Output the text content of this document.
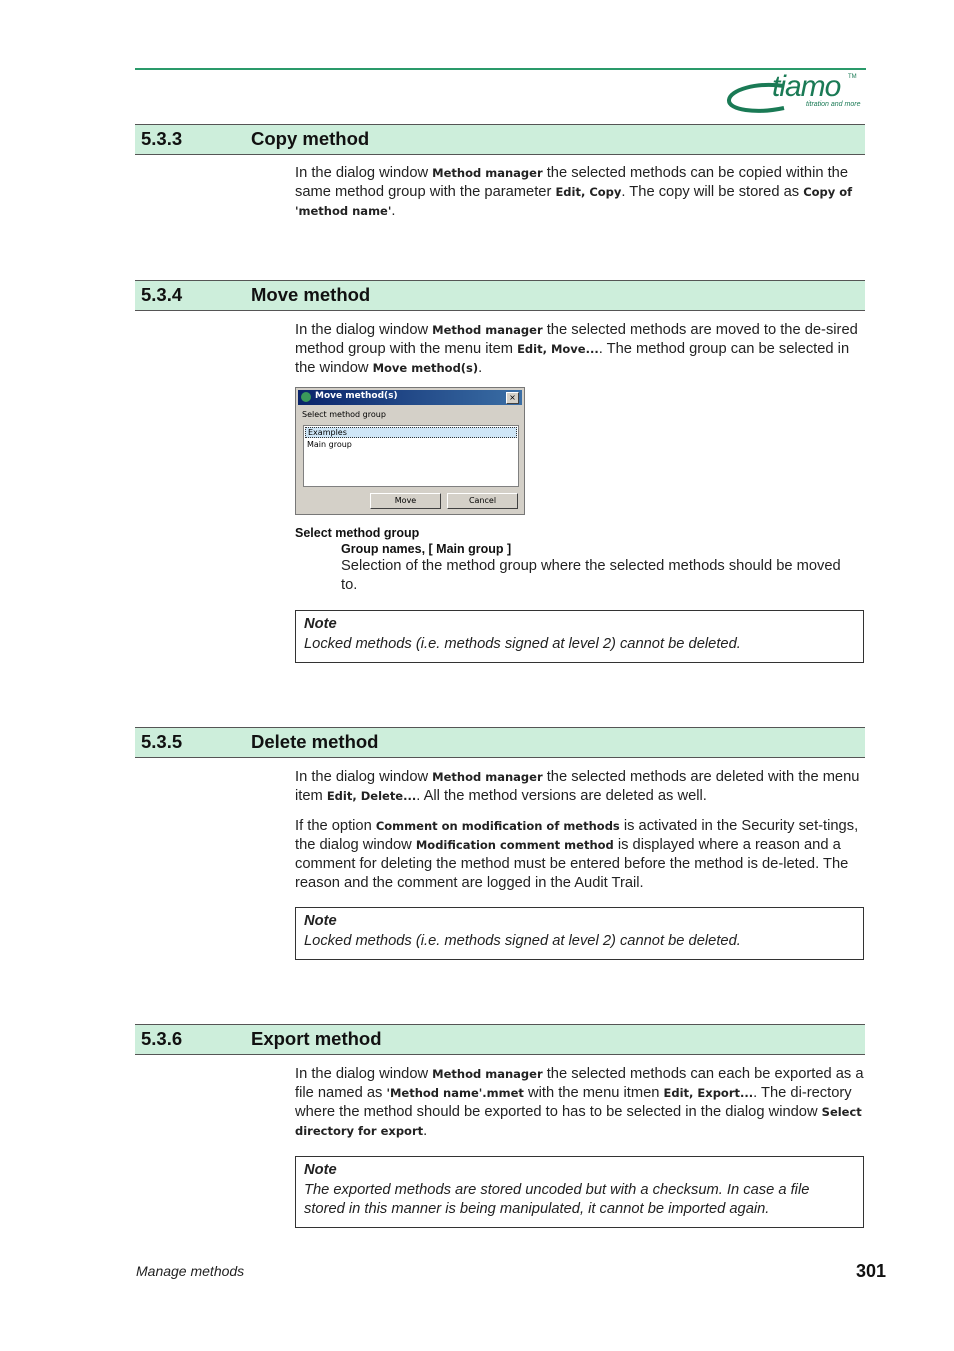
tiamo TM
titration and more
5.3.3	Copy method
In the dialog window Method manager the selected methods can be copied within the same method group with the parameter Edit, Copy. The copy will be stored as Copy of 'method name'.
5.3.4	Move method
In the dialog window Method manager the selected methods are moved to the de-sired method group with the menu item Edit, Move.... The method group can be selected in the window Move method(s).
Move method(s)	×
Select method group
Examples
Main group
Move	Cancel
Select method group
Group names, [ Main group ]
Selection of the method group where the selected methods should be moved to.
Note
Locked methods (i.e. methods signed at level 2) cannot be deleted.
5.3.5	Delete method
In the dialog window Method manager the selected methods are deleted with the menu item Edit, Delete.... All the method versions are deleted as well.
If the option Comment on modification of methods is activated in the Security set-tings, the dialog window Modification comment method is displayed where a reason and a comment for deleting the method must be entered before the method is de-leted. The reason and the comment are logged in the Audit Trail.
Note
Locked methods (i.e. methods signed at level 2) cannot be deleted.
5.3.6	Export method
In the dialog window Method manager the selected methods can each be exported as a file named as 'Method name'.mmet with the menu itmen Edit, Export.... The di-rectory where the method should be exported to has to be selected in the dialog window Select directory for export.
Note
The exported methods are stored uncoded but with a checksum. In case a file stored in this manner is being manipulated, it cannot be imported again.
Manage methods	301
